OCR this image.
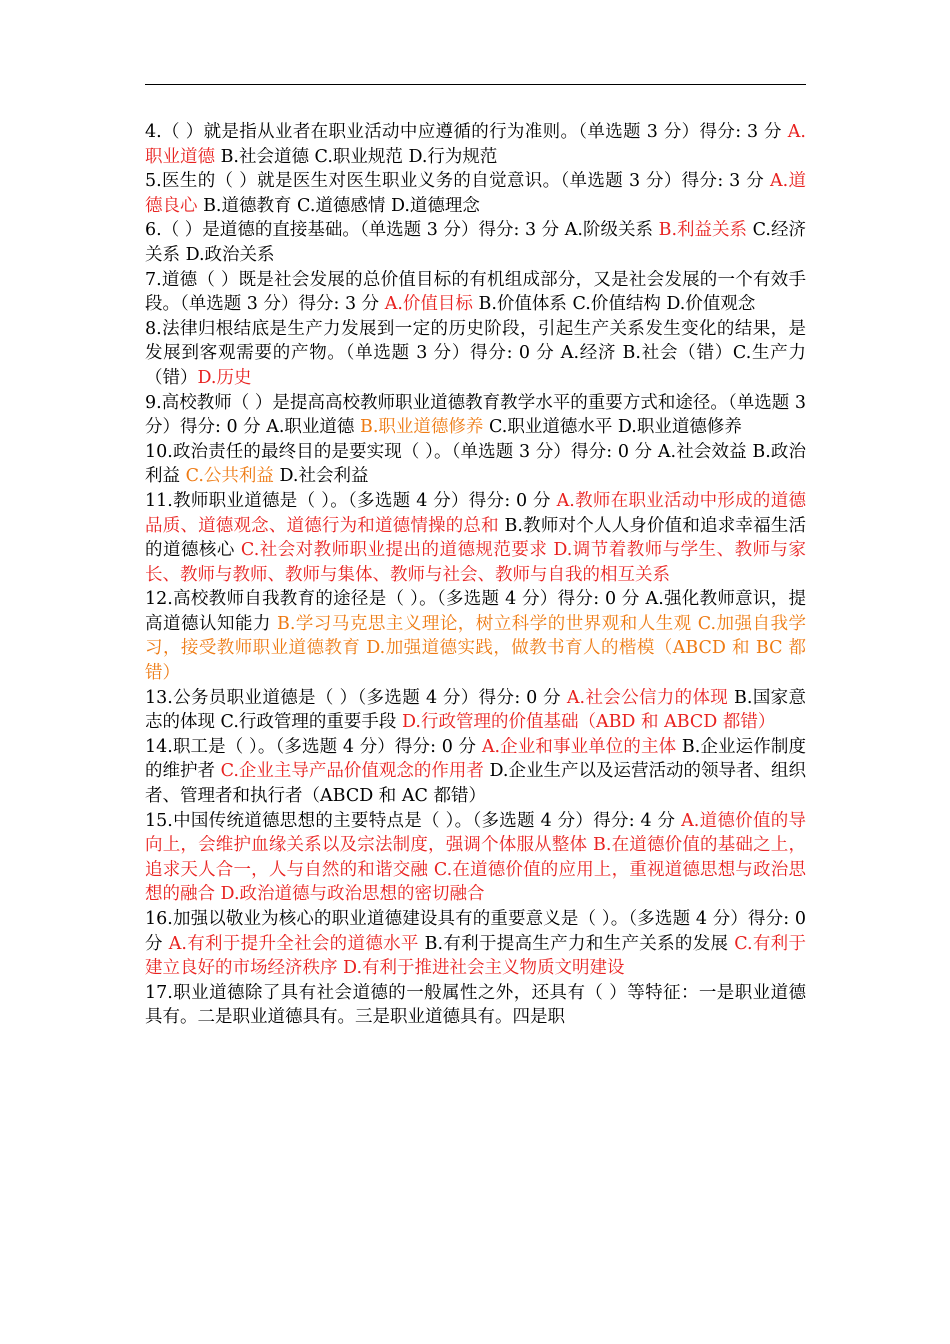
4.（ ）就是指从业者在职业活动中应遵循的行为准则。（单选题 3 分）得分: 3 分 A.职业道德 B.社会道德 C.职业规范 D.行为规范

5.医生的（ ）就是医生对医生职业义务的自觉意识。（单选题 3 分）得分: 3 分 A.道德良心 B.道德教育 C.道德感情 D.道德理念

6.（ ）是道德的直接基础。（单选题 3 分）得分: 3 分 A.阶级关系 B.利益关系 C.经济关系 D.政治关系

7.道德（ ）既是社会发展的总价值目标的有机组成部分，又是社会发展的一个有效手段。（单选题 3 分）得分: 3 分 A.价值目标 B.价值体系 C.价值结构 D.价值观念

8.法律归根结底是生产力发展到一定的历史阶段，引起生产关系发生变化的结果，是发展到客观需要的产物。（单选题 3 分）得分: 0 分 A.经济 B.社会（错）C.生产力（错）D.历史

9.高校教师（ ）是提高高校教师职业道德教育教学水平的重要方式和途径。（单选题 3 分）得分: 0 分 A.职业道德 B.职业道德修养 C.职业道德水平 D.职业道德修养

10.政治责任的最终目的是要实现（ ）。（单选题 3 分）得分: 0 分 A.社会效益 B.政治利益 C.公共利益 D.社会利益

11.教师职业道德是（ ）。（多选题 4 分）得分: 0 分 A.教师在职业活动中形成的道德品质、道德观念、道德行为和道德情操的总和 B.教师对个人人身价值和追求幸福生活的道德核心 C.社会对教师职业提出的道德规范要求 D.调节着教师与学生、教师与家长、教师与教师、教师与集体、教师与社会、教师与自我的相互关系

12.高校教师自我教育的途径是（ ）。（多选题 4 分）得分: 0 分 A.强化教师意识，提高道德认知能力 B.学习马克思主义理论，树立科学的世界观和人生观 C.加强自我学习，接受教师职业道德教育 D.加强道德实践，做教书育人的楷模（ABCD 和 BC 都错）

13.公务员职业道德是（ ）（多选题 4 分）得分: 0 分 A.社会公信力的体现 B.国家意志的体现 C.行政管理的重要手段 D.行政管理的价值基础（ABD 和 ABCD 都错）

14.职工是（ ）。（多选题 4 分）得分: 0 分 A.企业和事业单位的主体 B.企业运作制度的维护者 C.企业主导产品价值观念的作用者 D.企业生产以及运营活动的领导者、组织者、管理者和执行者（ABCD 和 AC 都错）

15.中国传统道德思想的主要特点是（ ）。（多选题 4 分）得分: 4 分 A.道德价值的导向上，会维护血缘关系以及宗法制度，强调个体服从整体 B.在道德价值的基础之上，追求天人合一，人与自然的和谐交融 C.在道德价值的应用上，重视道德思想与政治思想的融合 D.政治道德与政治思想的密切融合

16.加强以敬业为核心的职业道德建设具有的重要意义是（ ）。（多选题 4 分）得分: 0 分 A.有利于提升全社会的道德水平 B.有利于提高生产力和生产关系的发展 C.有利于建立良好的市场经济秩序 D.有利于推进社会主义物质文明建设

17.职业道德除了具有社会道德的一般属性之外，还具有（ ）等特征：一是职业道德具有。二是职业道德具有。三是职业道德具有。四是职
